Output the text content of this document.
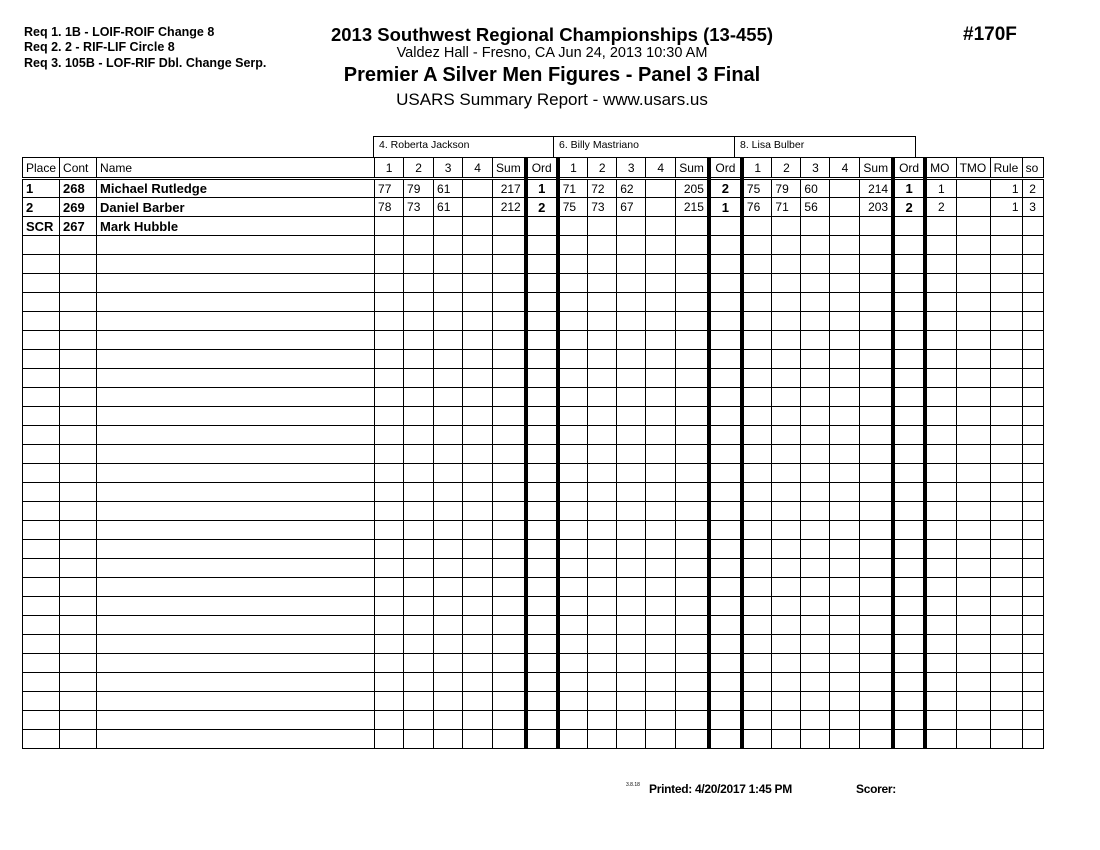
Req 1. 1B - LOIF-ROIF Change 8
Req 2. 2 - RIF-LIF Circle 8
Req 3. 105B - LOF-RIF Dbl. Change Serp.
2013 Southwest Regional Championships (13-455)
Valdez Hall - Fresno, CA Jun 24, 2013 10:30 AM
Premier A Silver Men Figures - Panel 3 Final
USARS Summary Report - www.usars.us
#170F
4. Roberta Jackson	6. Billy Mastriano	8. Lisa Bulber
Place	Cont	Name	1	2	3	4	Sum	Ord	1	2	3	4	Sum	Ord	1	2	3	4	Sum	Ord	MO	TMO	Rule	so
1	268	Michael Rutledge	77	79	61		217	1	71	72	62		205	2	75	79	60		214	1	1		1	2
2	269	Daniel Barber	78	73	61		212	2	75	73	67		215	1	76	71	56		203	2	2		1	3
SCR	267	Mark Hubble																						

3.8.18 Printed: 4/20/2017 1:45 PM	Scorer:
